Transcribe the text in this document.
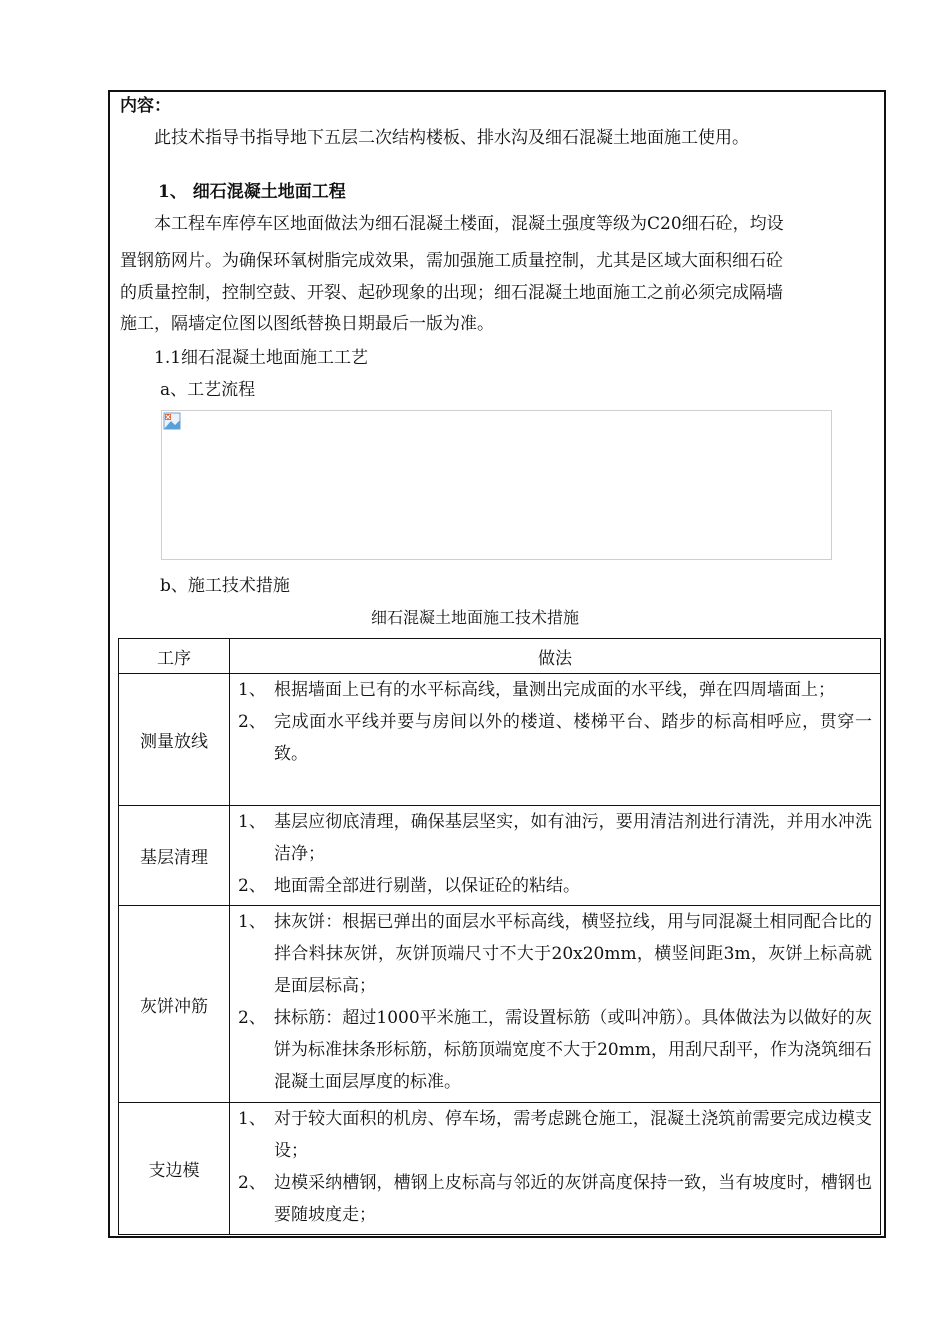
内容：
此技术指导书指导地下五层二次结构楼板、排水沟及细石混凝土地面施工使用。
1、 细石混凝土地面工程
本工程车库停车区地面做法为细石混凝土楼面，混凝土强度等级为C20细石砼，均设
置钢筋网片。为确保环氧树脂完成效果，需加强施工质量控制，尤其是区域大面积细石砼
的质量控制，控制空鼓、开裂、起砂现象的出现；细石混凝土地面施工之前必须完成隔墙
施工，隔墙定位图以图纸替换日期最后一版为准。
1.1细石混凝土地面施工工艺
a、工艺流程
b、施工技术措施
细石混凝土地面施工技术措施
工序	做法
测量放线	1、 根据墙面上已有的水平标高线，量测出完成面的水平线，弹在四周墙面上；
2、 完成面水平线并要与房间以外的楼道、楼梯平台、踏步的标高相呼应，贯穿一致。

基层清理	1、 基层应彻底清理，确保基层坚实，如有油污，要用清洁剂进行清洗，并用水冲洗洁净；
2、 地面需全部进行剔凿，以保证砼的粘结。

灰饼冲筋	1、 抹灰饼：根据已弹出的面层水平标高线，横竖拉线，用与同混凝土相同配合比的拌合料抹灰饼，灰饼顶端尺寸不大于20x20mm，横竖间距3m，灰饼上标高就是面层标高；
2、 抹标筋：超过1000平米施工，需设置标筋（或叫冲筋）。具体做法为以做好的灰饼为标准抹条形标筋，标筋顶端宽度不大于20mm，用刮尺刮平，作为浇筑细石混凝土面层厚度的标准。

支边模	1、 对于较大面积的机房、停车场，需考虑跳仓施工，混凝土浇筑前需要完成边模支设；
2、 边模采纳槽钢，槽钢上皮标高与邻近的灰饼高度保持一致，当有坡度时，槽钢也要随坡度走；
